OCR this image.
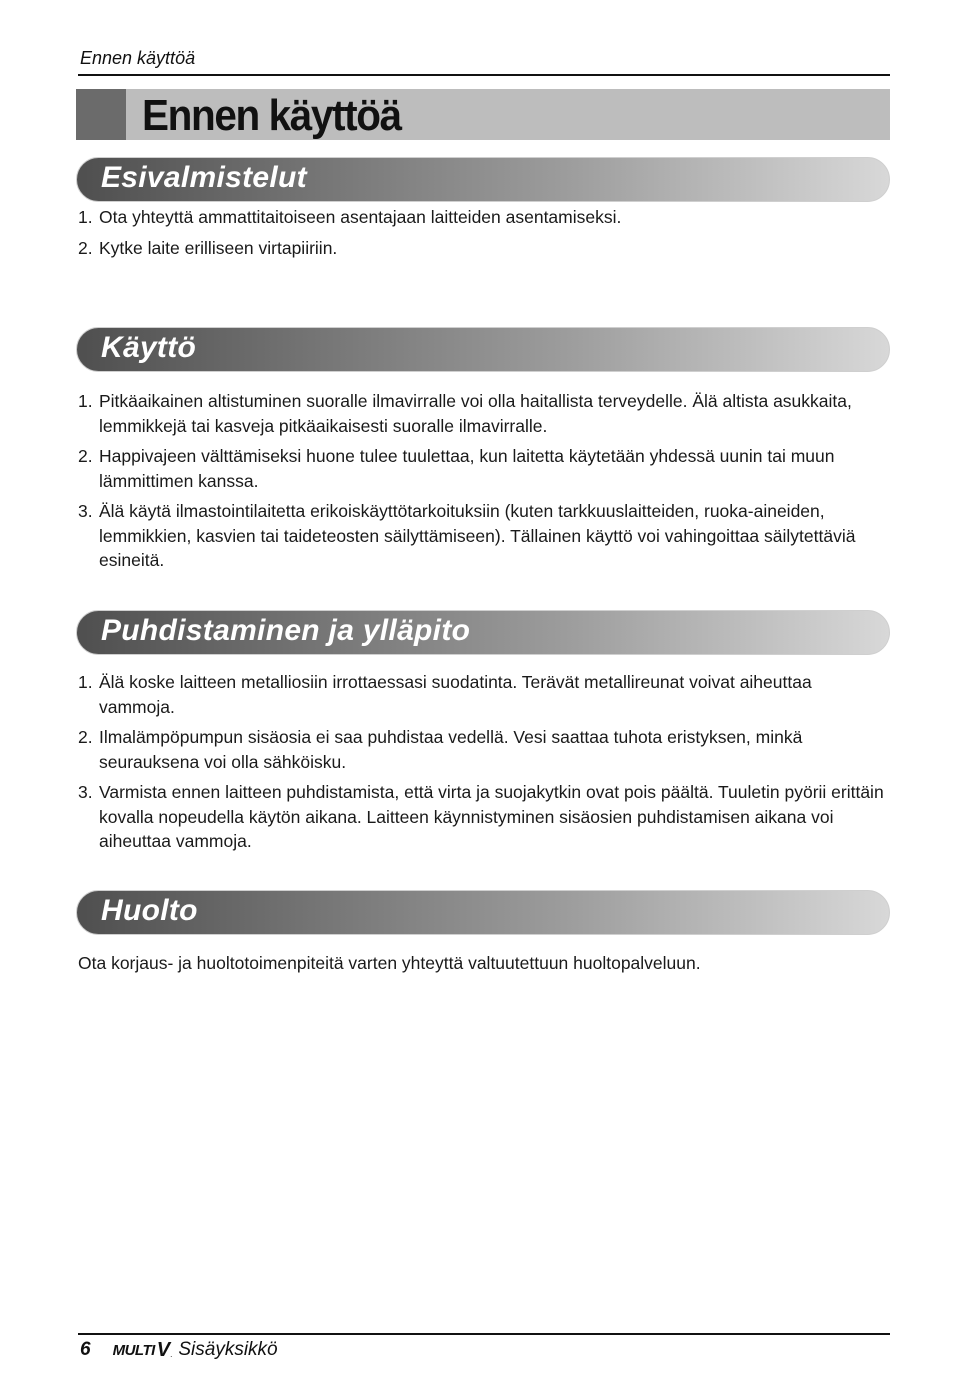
Ennen käyttöä
Ennen käyttöä
Esivalmistelut
1. Ota yhteyttä ammattitaitoiseen asentajaan laitteiden asentamiseksi.
2. Kytke laite erilliseen virtapiiriin.
Käyttö
1. Pitkäaikainen altistuminen suoralle ilmavirralle voi olla haitallista terveydelle. Älä altista asukkaita, lemmikkejä tai kasveja pitkäaikaisesti suoralle ilmavirralle.
2. Happivajeen välttämiseksi huone tulee tuulettaa, kun laitetta käytetään yhdessä uunin tai muun lämmittimen kanssa.
3. Älä käytä ilmastointilaitetta erikoiskäyttötarkoituksiin (kuten tarkkuuslaitteiden, ruoka-aineiden, lemmikkien, kasvien tai taideteosten säilyttämiseen). Tällainen käyttö voi vahingoittaa säilytettäviä esineitä.
Puhdistaminen ja ylläpito
1. Älä koske laitteen metalliosiin irrottaessasi suodatinta. Terävät metallireunat voivat aiheuttaa vammoja.
2. Ilmalämpöpumpun sisäosia ei saa puhdistaa vedellä. Vesi saattaa tuhota eristyksen, minkä seurauksena voi olla sähköisku.
3. Varmista ennen laitteen puhdistamista, että virta ja suojakytkin ovat pois päältä. Tuuletin pyörii erittäin kovalla nopeudella käytön aikana. Laitteen käynnistyminen sisäosien puhdistamisen aikana voi aiheuttaa vammoja.
Huolto
Ota korjaus- ja huoltotoimenpiteitä varten yhteyttä valtuutettuun huoltopalveluun.
6 MULTI V . Sisäyksikkö
